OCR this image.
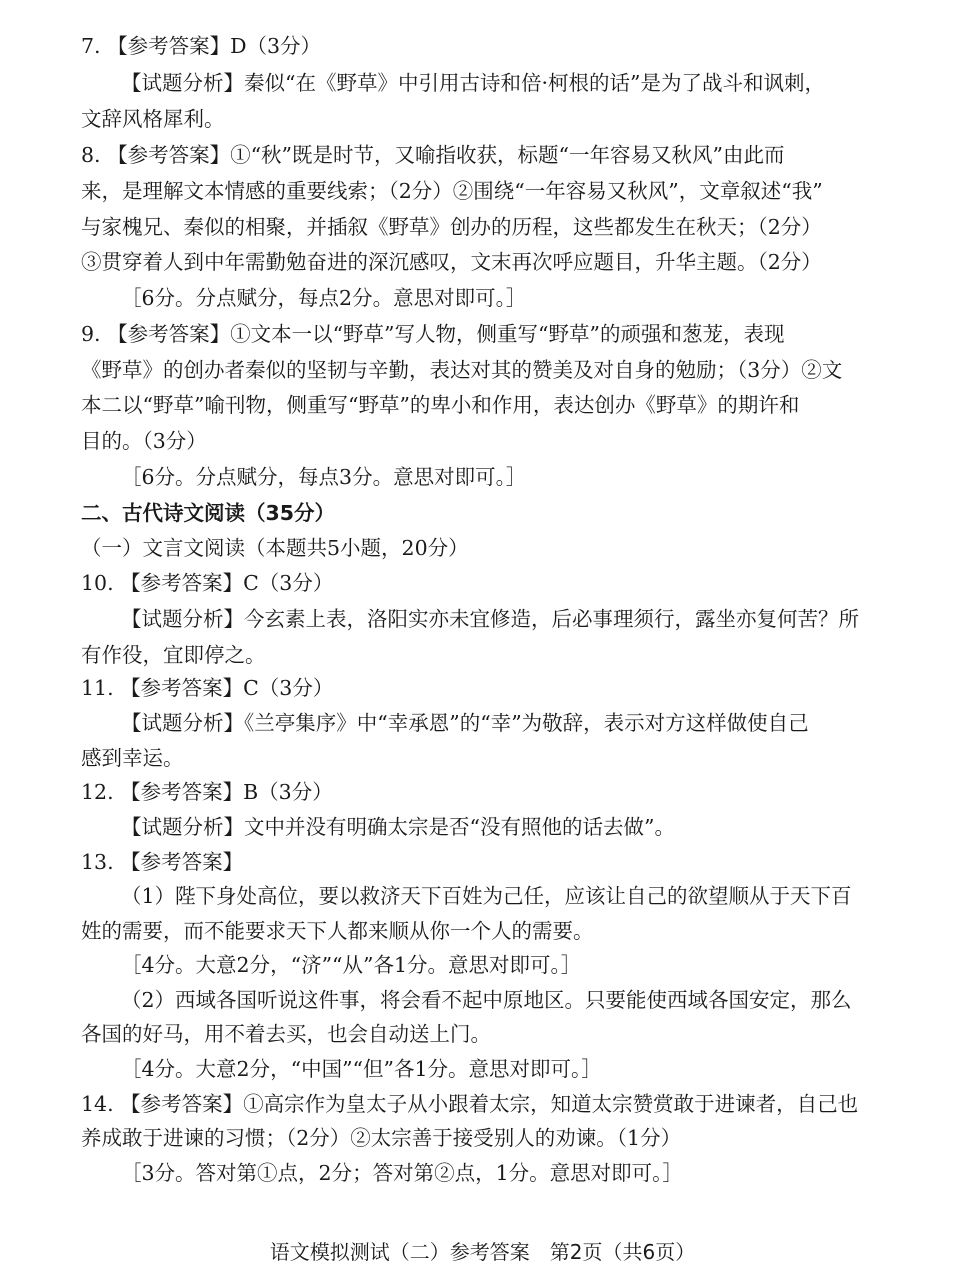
7. 【参考答案】D（3分）
【试题分析】秦似“在《野草》中引用古诗和倍·柯根的话”是为了战斗和讽刺，
文辞风格犀利。
8. 【参考答案】①“秋”既是时节，又喻指收获，标题“一年容易又秋风”由此而
来，是理解文本情感的重要线索；（2分）②围绕“一年容易又秋风”，文章叙述“我”
与家槐兄、秦似的相聚，并插叙《野草》创办的历程，这些都发生在秋天；（2分）
③贯穿着人到中年需勤勉奋进的深沉感叹，文末再次呼应题目，升华主题。（2分）
［6分。分点赋分，每点2分。意思对即可。］
9. 【参考答案】①文本一以“野草”写人物，侧重写“野草”的顽强和葱茏，表现
《野草》的创办者秦似的坚韧与辛勤，表达对其的赞美及对自身的勉励；（3分）②文
本二以“野草”喻刊物，侧重写“野草”的卑小和作用，表达创办《野草》的期许和
目的。（3分）
［6分。分点赋分，每点3分。意思对即可。］
二、古代诗文阅读（35分）
（一）文言文阅读（本题共5小题，20分）
10. 【参考答案】C（3分）
【试题分析】今玄素上表，洛阳实亦未宜修造，后必事理须行，露坐亦复何苦？所
有作役，宜即停之。
11. 【参考答案】C（3分）
【试题分析】《兰亭集序》中“幸承恩”的“幸”为敬辞，表示对方这样做使自己
感到幸运。
12. 【参考答案】B（3分）
【试题分析】文中并没有明确太宗是否“没有照他的话去做”。
13. 【参考答案】
（1）陛下身处高位，要以救济天下百姓为己任，应该让自己的欲望顺从于天下百
姓的需要，而不能要求天下人都来顺从你一个人的需要。
［4分。大意2分，“济”“从”各1分。意思对即可。］
（2）西域各国听说这件事，将会看不起中原地区。只要能使西域各国安定，那么
各国的好马，用不着去买，也会自动送上门。
［4分。大意2分，“中国”“但”各1分。意思对即可。］
14. 【参考答案】①高宗作为皇太子从小跟着太宗，知道太宗赞赏敢于进谏者，自己也
养成敢于进谏的习惯；（2分）②太宗善于接受别人的劝谏。（1分）
［3分。答对第①点，2分；答对第②点，1分。意思对即可。］
语文模拟测试（二）参考答案　第2页（共6页）
